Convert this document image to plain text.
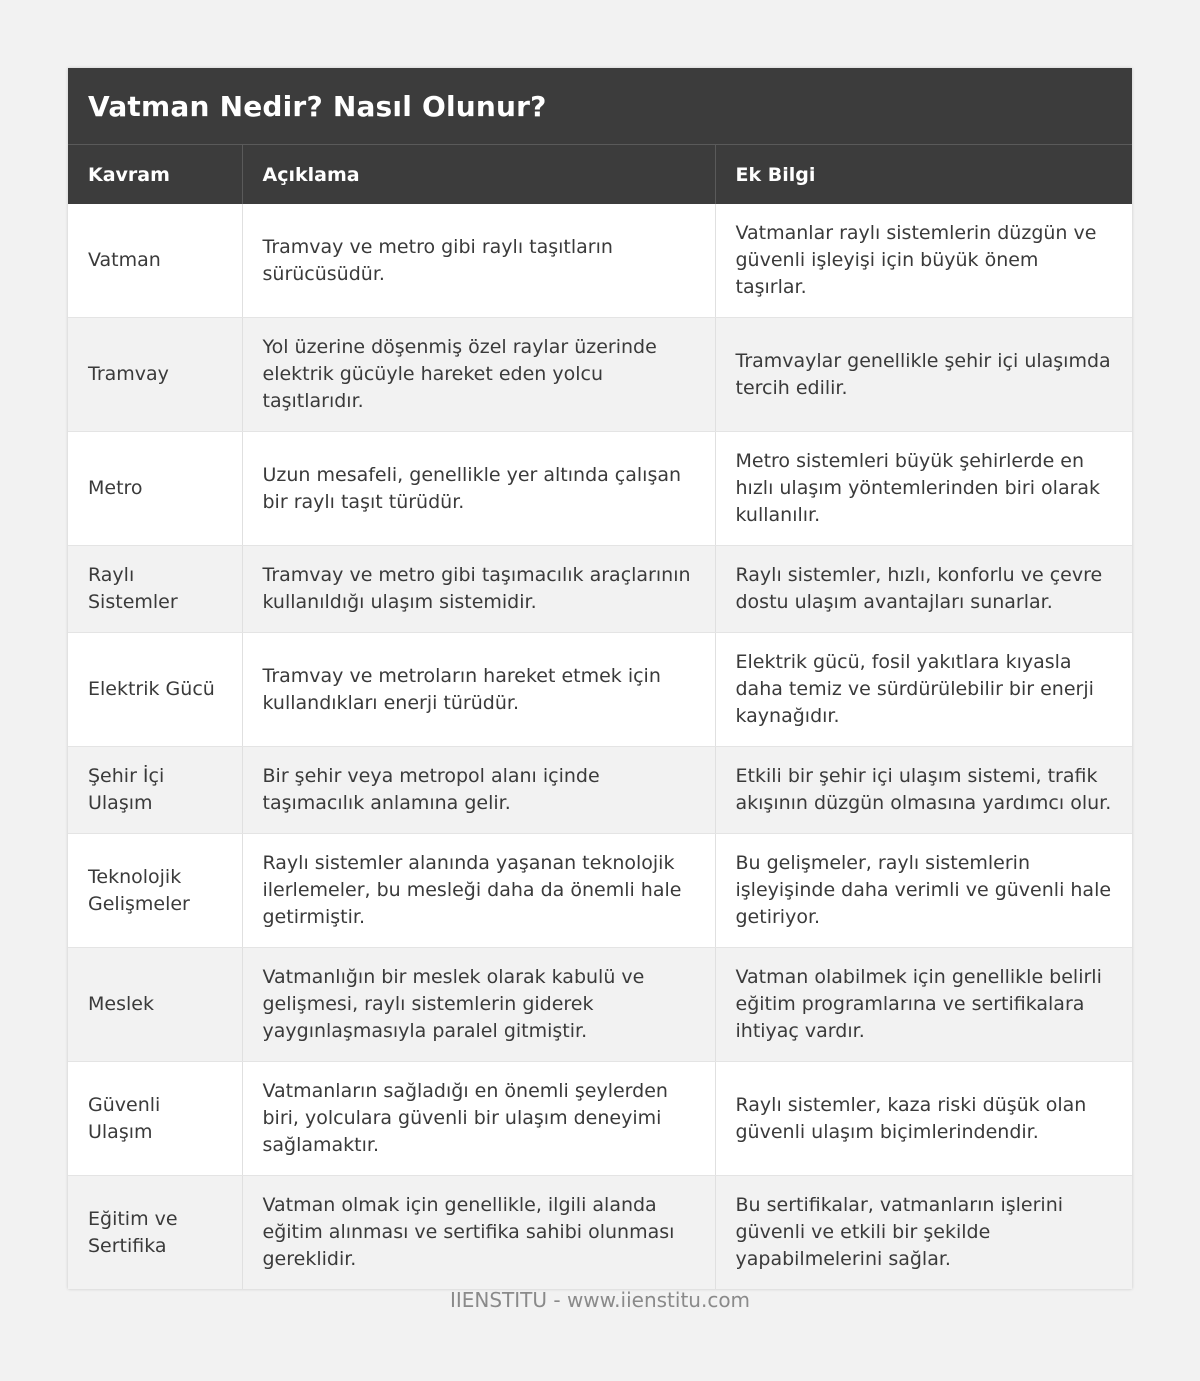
Vatman Nedir? Nasıl Olunur?
Kavram	Açıklama	Ek Bilgi
Vatman	Tramvay ve metro gibi raylı taşıtların sürücüsüdür.	Vatmanlar raylı sistemlerin düzgün ve güvenli işleyişi için büyük önem taşırlar.
Tramvay	Yol üzerine döşenmiş özel raylar üzerinde elektrik gücüyle hareket eden yolcu taşıtlarıdır.	Tramvaylar genellikle şehir içi ulaşımda tercih edilir.
Metro	Uzun mesafeli, genellikle yer altında çalışan bir raylı taşıt türüdür.	Metro sistemleri büyük şehirlerde en hızlı ulaşım yöntemlerinden biri olarak kullanılır.
Raylı Sistemler	Tramvay ve metro gibi taşımacılık araçlarının kullanıldığı ulaşım sistemidir.	Raylı sistemler, hızlı, konforlu ve çevre dostu ulaşım avantajları sunarlar.
Elektrik Gücü	Tramvay ve metroların hareket etmek için kullandıkları enerji türüdür.	Elektrik gücü, fosil yakıtlara kıyasla daha temiz ve sürdürülebilir bir enerji kaynağıdır.
Şehir İçi Ulaşım	Bir şehir veya metropol alanı içinde taşımacılık anlamına gelir.	Etkili bir şehir içi ulaşım sistemi, trafik akışının düzgün olmasına yardımcı olur.
Teknolojik Gelişmeler	Raylı sistemler alanında yaşanan teknolojik ilerlemeler, bu mesleği daha da önemli hale getirmiştir.	Bu gelişmeler, raylı sistemlerin işleyişinde daha verimli ve güvenli hale getiriyor.
Meslek	Vatmanlığın bir meslek olarak kabulü ve gelişmesi, raylı sistemlerin giderek yaygınlaşmasıyla paralel gitmiştir.	Vatman olabilmek için genellikle belirli eğitim programlarına ve sertifikalara ihtiyaç vardır.
Güvenli Ulaşım	Vatmanların sağladığı en önemli şeylerden biri, yolculara güvenli bir ulaşım deneyimi sağlamaktır.	Raylı sistemler, kaza riski düşük olan güvenli ulaşım biçimlerindendir.
Eğitim ve Sertifika	Vatman olmak için genellikle, ilgili alanda eğitim alınması ve sertifika sahibi olunması gereklidir.	Bu sertifikalar, vatmanların işlerini güvenli ve etkili bir şekilde yapabilmelerini sağlar.
IIENSTITU - www.iienstitu.com
